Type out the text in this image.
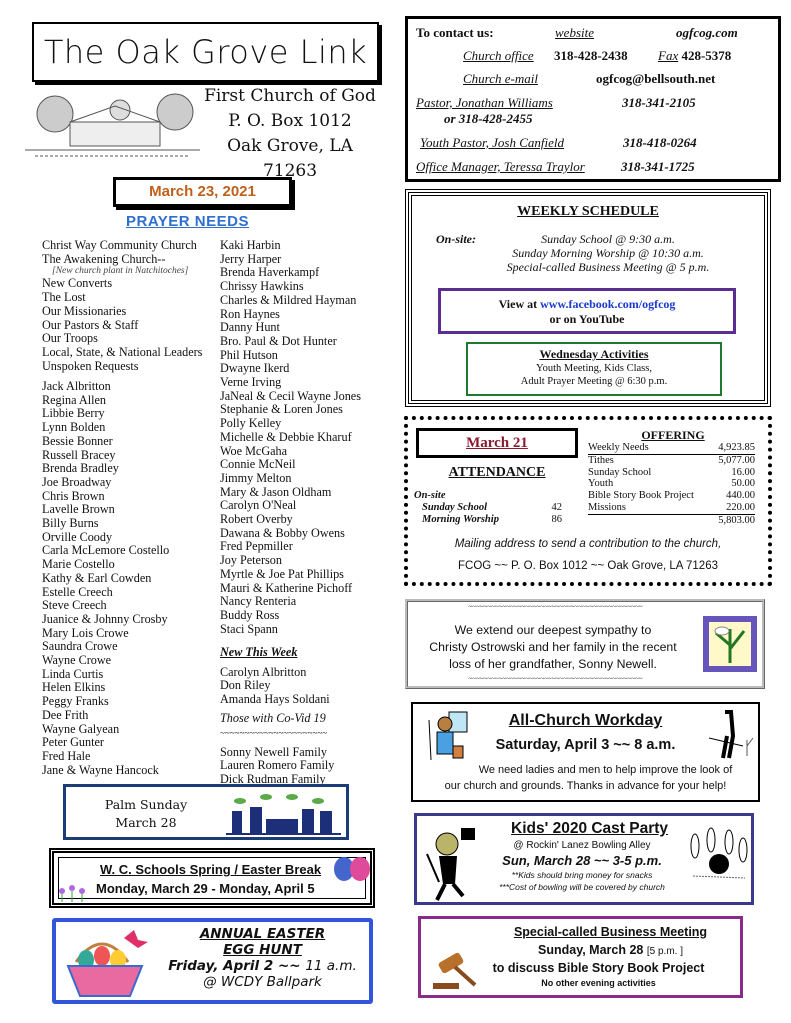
The Oak Grove Link
First Church of God
P. O. Box 1012
Oak Grove, LA 71263
March 23, 2021
PRAYER NEEDS
Christ Way Community Church
The Awakening Church--
[New church plant in Natchitoches]
New Converts
The Lost
Our Missionaries
Our Pastors & Staff
Our Troops
Local, State, & National Leaders
Unspoken Requests
Jack Albritton
Regina Allen
Libbie Berry
Lynn Bolden
Bessie Bonner
Russell Bracey
Brenda Bradley
Joe Broadway
Chris Brown
Lavelle Brown
Billy Burns
Orville Coody
Carla McLemore Costello
Marie Costello
Kathy & Earl Cowden
Estelle Creech
Steve Creech
Juanice & Johnny Crosby
Mary Lois Crowe
Saundra Crowe
Wayne Crowe
Linda Curtis
Helen Elkins
Peggy Franks
Dee Frith
Wayne Galyean
Peter Gunter
Fred Hale
Jane & Wayne Hancock
Kaki Harbin
Jerry Harper
Brenda Haverkampf
Chrissy Hawkins
Charles & Mildred Hayman
Ron Haynes
Danny Hunt
Bro. Paul & Dot Hunter
Phil Hutson
Dwayne Ikerd
Verne Irving
JaNeal & Cecil Wayne Jones
Stephanie & Loren Jones
Polly Kelley
Michelle & Debbie Kharuf
Woe McGaha
Connie McNeil
Jimmy Melton
Mary & Jason Oldham
Carolyn O'Neal
Robert Overby
Dawana & Bobby Owens
Fred Pepmiller
Joy Peterson
Myrtle & Joe Pat Phillips
Mauri & Katherine Pichoff
Nancy Renteria
Buddy Ross
Staci Spann
New This Week
Carolyn Albritton
Don Riley
Amanda Hays Soldani
Those with Co-Vid 19
~~~~~~~~~~~~~~~~~~~~~~
Sonny Newell Family
Lauren Romero Family
Dick Rudman Family
To contact us:	website	ogfcog.com
Church office 318-428-2438 Fax 428-5378
Church e-mail	ogfcog@bellsouth.net
Pastor, Jonathan Williams	318-341-2105
or 318-428-2455
Youth Pastor, Josh Canfield	318-418-0264
Office Manager, Teressa Traylor	318-341-1725
WEEKLY SCHEDULE
On-site:	Sunday School @ 9:30 a.m.
Sunday Morning Worship @ 10:30 a.m.
Special-called Business Meeting @ 5 p.m.
View at www.facebook.com/ogfcog
or on YouTube
Wednesday Activities
Youth Meeting, Kids Class,
Adult Prayer Meeting @ 6:30 p.m.
March 21
ATTENDANCE
On-site
Sunday School	42
Morning Worship	86
OFFERING
Weekly Needs	4,923.85
Tithes	5,077.00
Sunday School	16.00
Youth	50.00
Bible Story Book Project	440.00
Missions	220.00
5,803.00
Mailing address to send a contribution to the church,
FCOG ~~ P. O. Box 1012 ~~ Oak Grove, LA 71263
~~~~~~~~~~~~~~~~~~~~~~~~~~~~~~~~~~~~~~~~~~~~~~
We extend our deepest sympathy to
Christy Ostrowski and her family in the recent
loss of her grandfather, Sonny Newell.
~~~~~~~~~~~~~~~~~~~~~~~~~~~~~~~~~~~~~~~~~~~~~~
All-Church Workday
Saturday, April 3 ~~ 8 a.m.
We need ladies and men to help improve the look of
our church and grounds. Thanks in advance for your help!
Kids' 2020 Cast Party
@ Rockin' Lanez Bowling Alley
Sun, March 28 ~~ 3-5 p.m.
**Kids should bring money for snacks
***Cost of bowling will be covered by church
Special-called Business Meeting
Sunday, March 28 [5 p.m. ]
to discuss Bible Story Book Project
No other evening activities
Palm Sunday
March 28
W. C. Schools Spring / Easter Break
Monday, March 29 - Monday, April 5
ANNUAL EASTER
EGG HUNT
Friday, April 2 ~~ 11 a.m.
@ WCDY Ballpark
